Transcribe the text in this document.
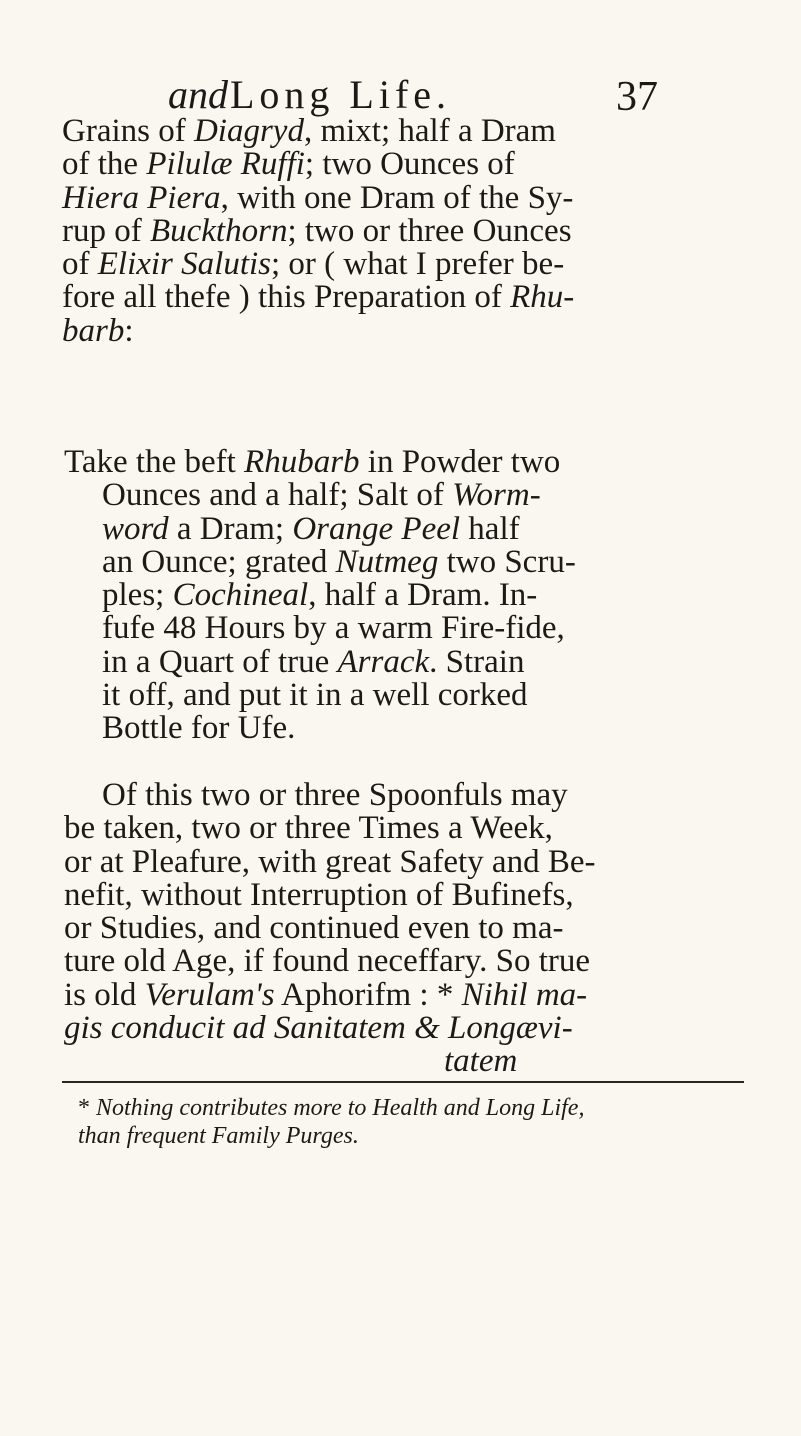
andLong Life.	37
Grains of Diagryd, mixt; half a Dram
of the Pilulæ Ruffi; two Ounces of
Hiera Piera, with one Dram of the Sy-
rup of Buckthorn; two or three Ounces
of Elixir Salutis; or ( what I prefer be-
fore all thefe ) this Preparation of Rhu-
barb:
Take the beft Rhubarb in Powder two
Ounces and a half; Salt of Worm-
word a Dram; Orange Peel half
an Ounce; grated Nutmeg two Scru-
ples; Cochineal, half a Dram. In-
fufe 48 Hours by a warm Fire-fide,
in a Quart of true Arrack. Strain
it off, and put it in a well corked
Bottle for Ufe.
Of this two or three Spoonfuls may
be taken, two or three Times a Week,
or at Pleafure, with great Safety and Be-
nefit, without Interruption of Bufinefs,
or Studies, and continued even to ma-
ture old Age, if found neceffary. So true
is old Verulam's Aphorifm : * Nihil ma-
gis conducit ad Sanitatem & Longævi-
tatem
* Nothing contributes more to Health and Long Life,
than frequent Family Purges.
